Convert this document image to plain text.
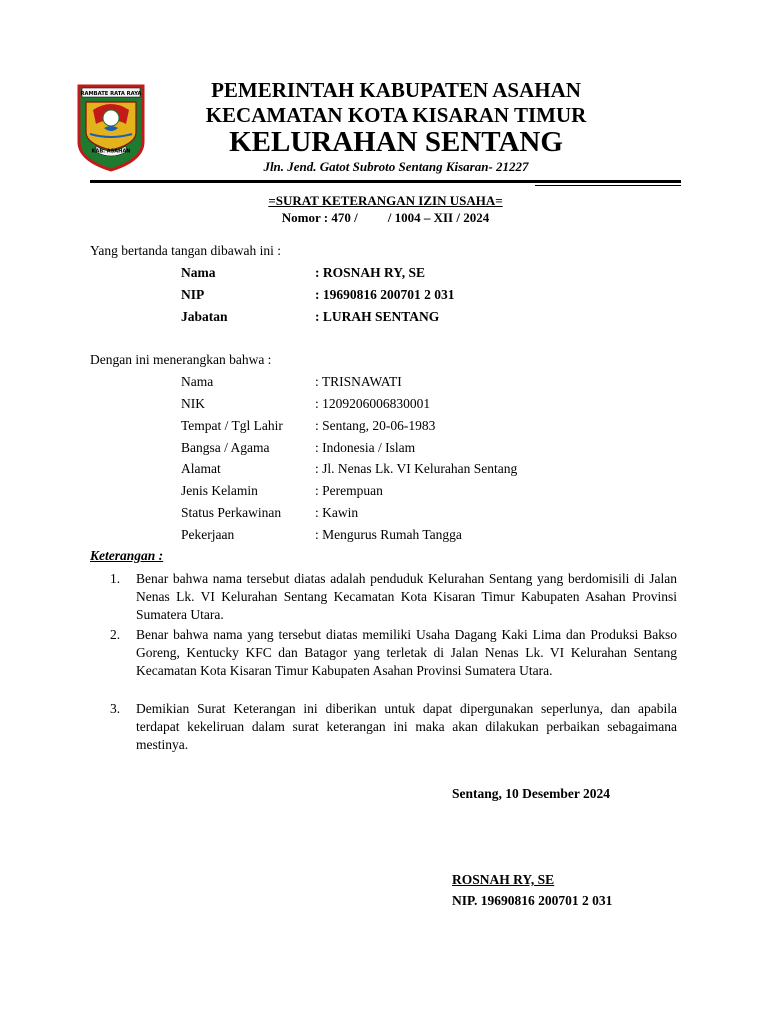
RAMBATE RATA RAYA
KAB. ASAHAN
PEMERINTAH KABUPATEN ASAHAN
KECAMATAN KOTA KISARAN TIMUR
KELURAHAN SENTANG
Jln. Jend. Gatot Subroto Sentang Kisaran- 21227
=SURAT KETERANGAN IZIN USAHA=
Nomor : 470 / / 1004 – XII / 2024
Yang bertanda tangan dibawah ini :
Nama	: ROSNAH RY, SE
NIP	: 19690816 200701 2 031
Jabatan	: LURAH SENTANG
Dengan ini menerangkan bahwa :
Nama	: TRISNAWATI
NIK	: 1209206006830001
Tempat / Tgl Lahir : Sentang, 20-06-1983
Bangsa / Agama	: Indonesia / Islam
Alamat	: Jl. Nenas Lk. VI Kelurahan Sentang
Jenis Kelamin	: Perempuan
Status Perkawinan	: Kawin
Pekerjaan	: Mengurus Rumah Tangga
Keterangan :
1. Benar bahwa nama tersebut diatas adalah penduduk Kelurahan Sentang yang berdomisili di Jalan Nenas Lk. VI Kelurahan Sentang Kecamatan Kota Kisaran Timur Kabupaten Asahan Provinsi Sumatera Utara.
2. Benar bahwa nama yang tersebut diatas memiliki Usaha Dagang Kaki Lima dan Produksi Bakso Goreng, Kentucky KFC dan Batagor yang terletak di Jalan Nenas Lk. VI Kelurahan Sentang Kecamatan Kota Kisaran Timur Kabupaten Asahan Provinsi Sumatera Utara.
3. Demikian Surat Keterangan ini diberikan untuk dapat dipergunakan seperlunya, dan apabila terdapat kekeliruan dalam surat keterangan ini maka akan dilakukan perbaikan sebagaimana mestinya.
Sentang, 10 Desember 2024
ROSNAH RY, SE
NIP. 19690816 200701 2 031
